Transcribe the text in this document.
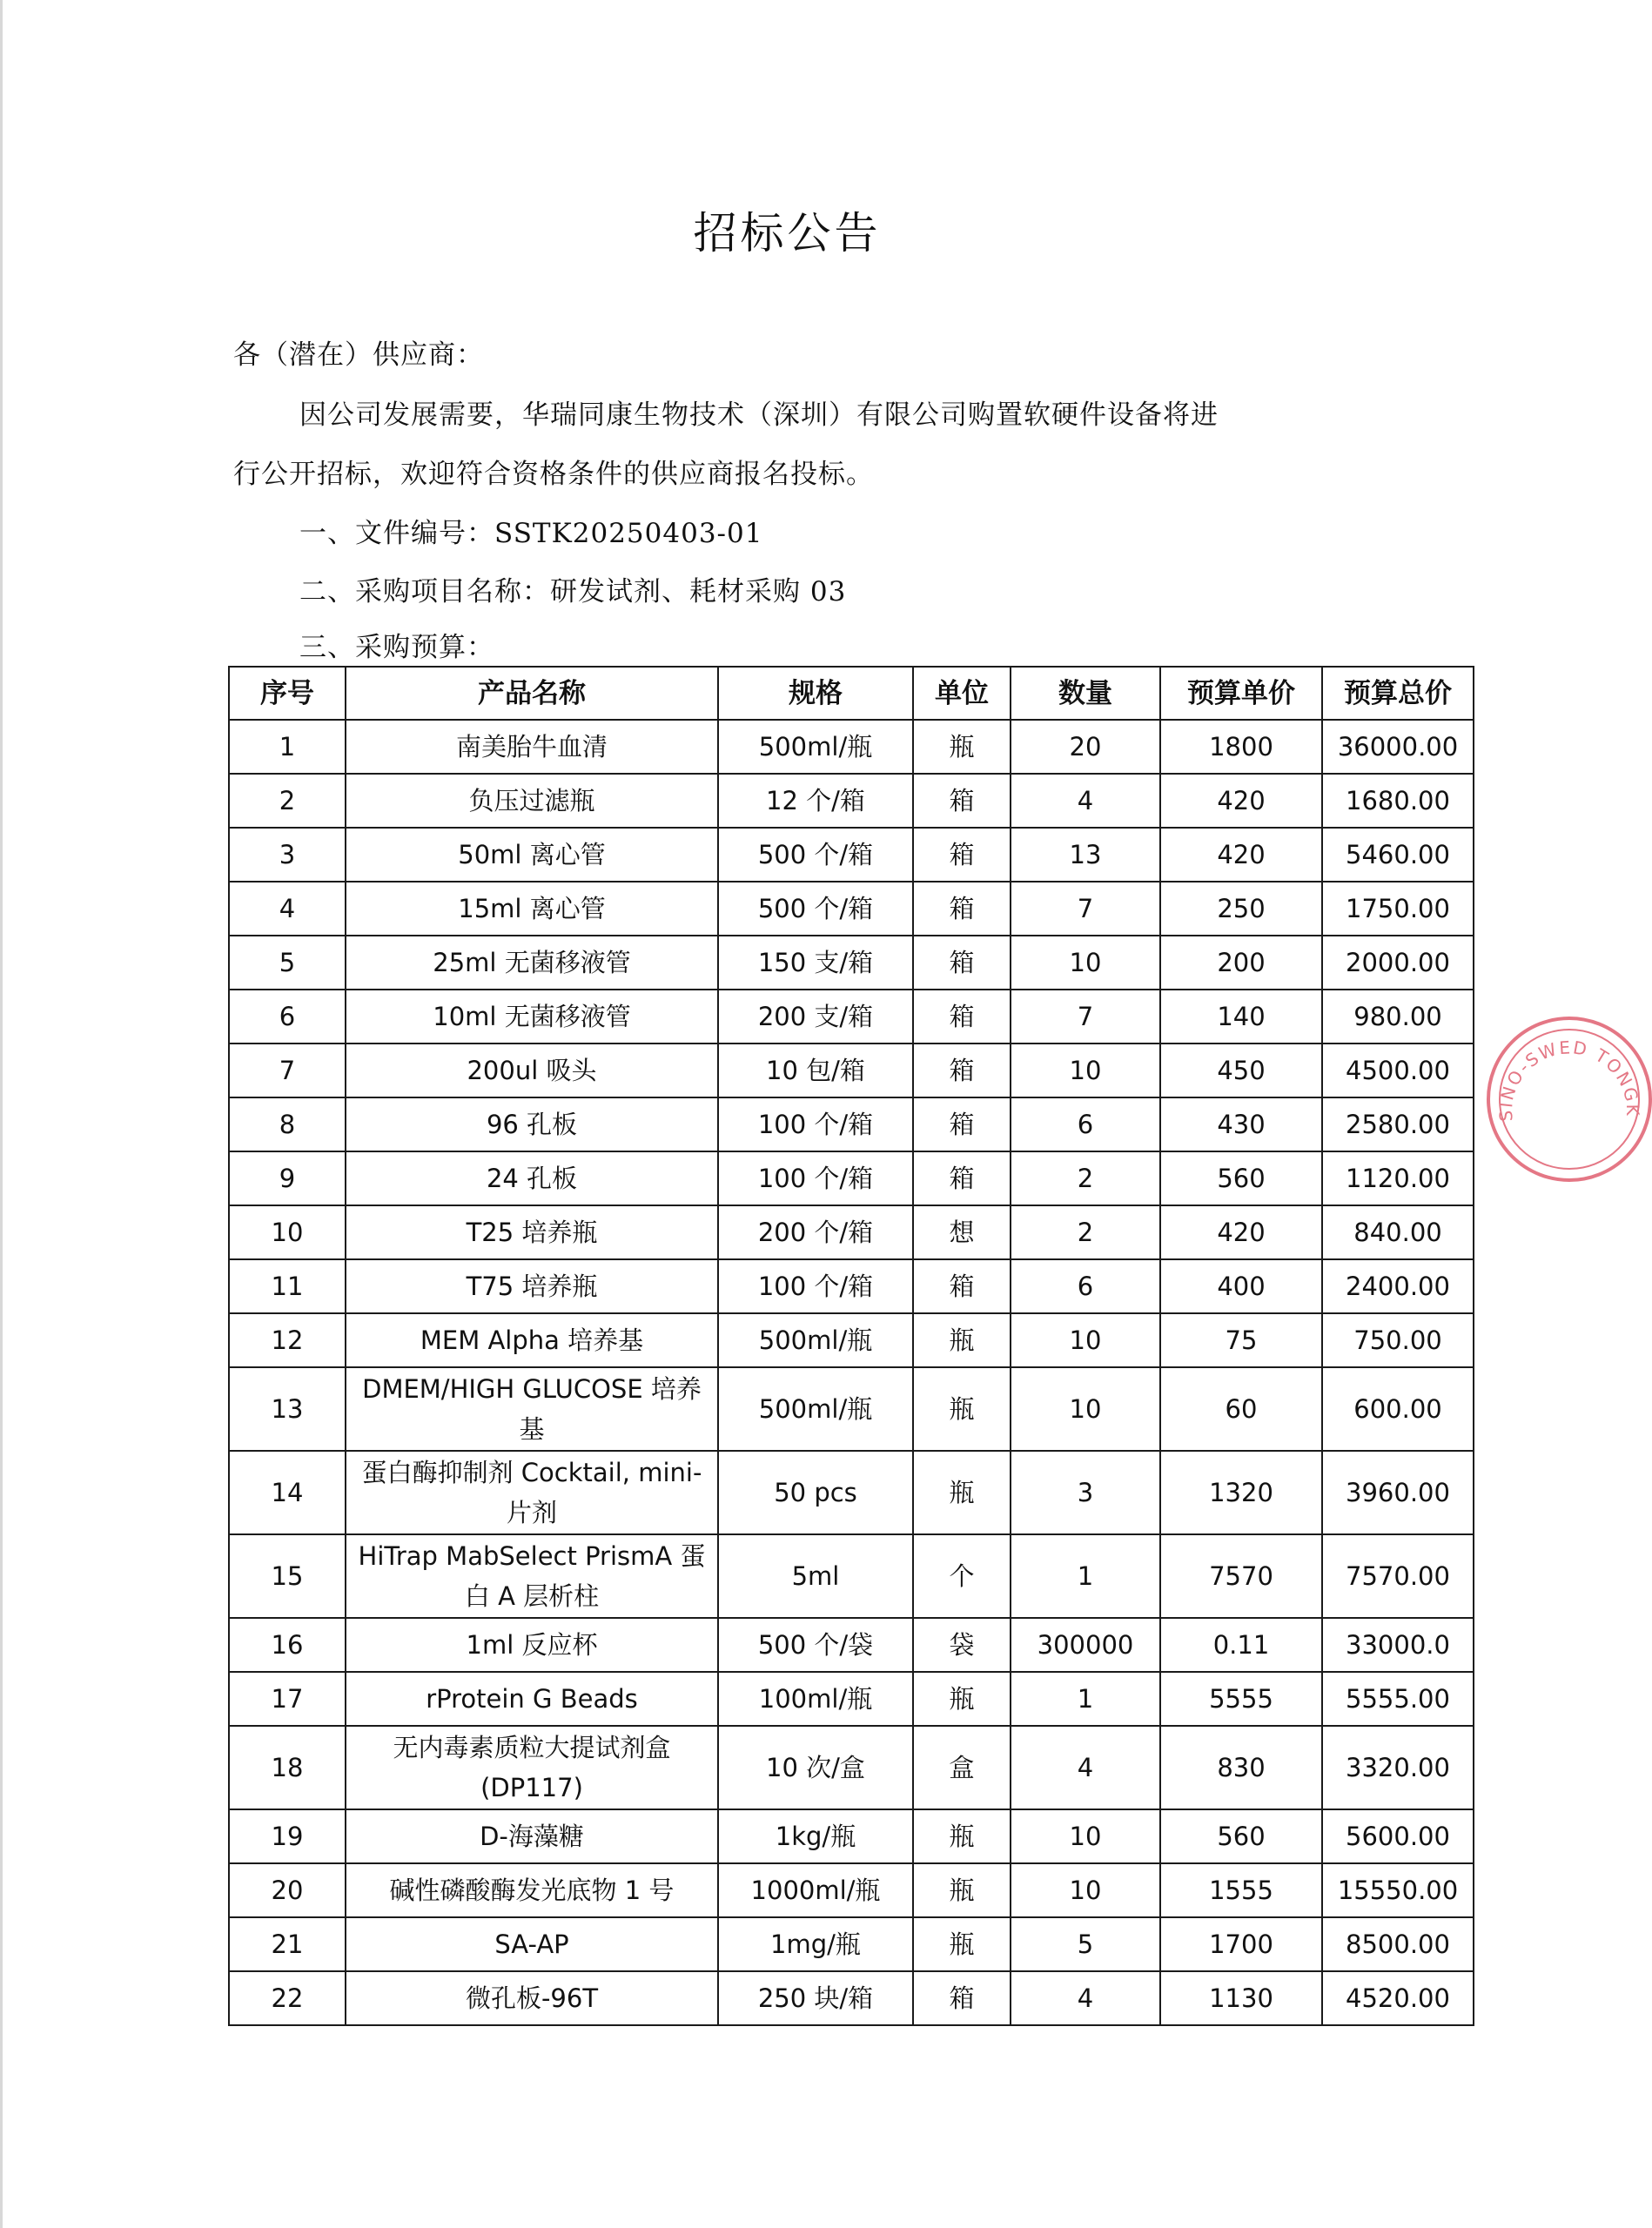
招标公告
各（潜在）供应商：
因公司发展需要，华瑞同康生物技术（深圳）有限公司购置软硬件设备将进
行公开招标，欢迎符合资格条件的供应商报名投标。
一、文件编号：SSTK20250403-01
二、采购项目名称：研发试剂、耗材采购 03
三、采购预算：
序号	产品名称	规格	单位	数量	预算单价	预算总价
1	南美胎牛血清	500ml/瓶	瓶	20	1800	36000.00
2	负压过滤瓶	12 个/箱	箱	4	420	1680.00
3	50ml 离心管	500 个/箱	箱	13	420	5460.00
4	15ml 离心管	500 个/箱	箱	7	250	1750.00
5	25ml 无菌移液管	150 支/箱	箱	10	200	2000.00
6	10ml 无菌移液管	200 支/箱	箱	7	140	980.00
7	200ul 吸头	10 包/箱	箱	10	450	4500.00
8	96 孔板	100 个/箱	箱	6	430	2580.00
9	24 孔板	100 个/箱	箱	2	560	1120.00
10	T25 培养瓶	200 个/箱	想	2	420	840.00
11	T75 培养瓶	100 个/箱	箱	6	400	2400.00
12	MEM Alpha 培养基	500ml/瓶	瓶	10	75	750.00
13	DMEM/HIGH GLUCOSE 培养基	500ml/瓶	瓶	10	60	600.00
14	蛋白酶抑制剂 Cocktail, mini-片剂	50 pcs	瓶	3	1320	3960.00
15	HiTrap MabSelect PrismA 蛋白 A 层析柱	5ml	个	1	7570	7570.00
16	1ml 反应杯	500 个/袋	袋	300000	0.11	33000.0
17	rProtein G Beads	100ml/瓶	瓶	1	5555	5555.00
18	无内毒素质粒大提试剂盒(DP117)	10 次/盒	盒	4	830	3320.00
19	D-海藻糖	1kg/瓶	瓶	10	560	5600.00
20	碱性磷酸酶发光底物 1 号	1000ml/瓶	瓶	10	1555	15550.00
21	SA-AP	1mg/瓶	瓶	5	1700	8500.00
22	微孔板-96T	250 块/箱	箱	4	1130	4520.00
SINO-SWED TONGK
